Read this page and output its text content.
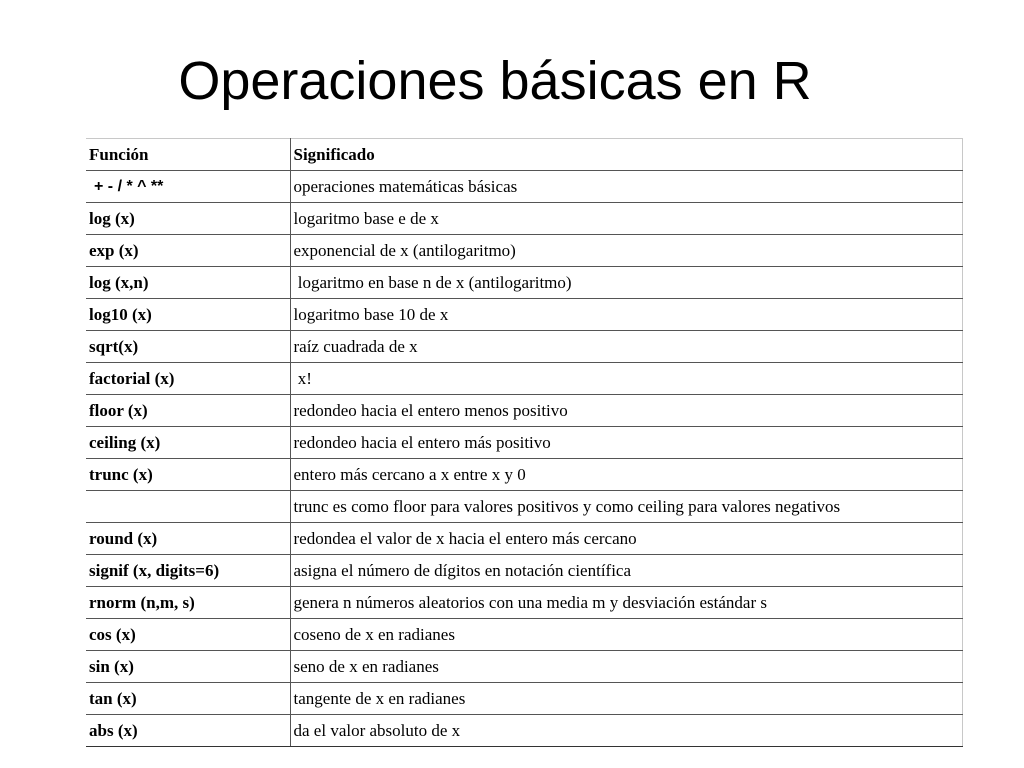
Operaciones básicas en R
Función	Significado
+ - / * ^ **	operaciones matemáticas básicas
log (x)	logaritmo base e de x
exp (x)	exponencial de x (antilogaritmo)
log (x,n)	logaritmo en base n de x (antilogaritmo)
log10 (x)	logaritmo base 10 de x
sqrt(x)	raíz cuadrada de x
factorial (x)	x!
floor (x)	redondeo hacia el entero menos positivo
ceiling (x)	redondeo hacia el entero más positivo
trunc (x)	entero más cercano a x entre x y 0
	trunc es como floor para valores positivos y como ceiling para valores negativos
round (x)	redondea el valor de x hacia el entero más cercano
signif (x, digits=6)	asigna el número de dígitos en notación científica
rnorm (n,m, s)	genera n números aleatorios con una media m y desviación estándar s
cos (x)	coseno de x en radianes
sin (x)	seno de x en radianes
tan (x)	tangente de x en radianes
abs (x)	da el valor absoluto de x
